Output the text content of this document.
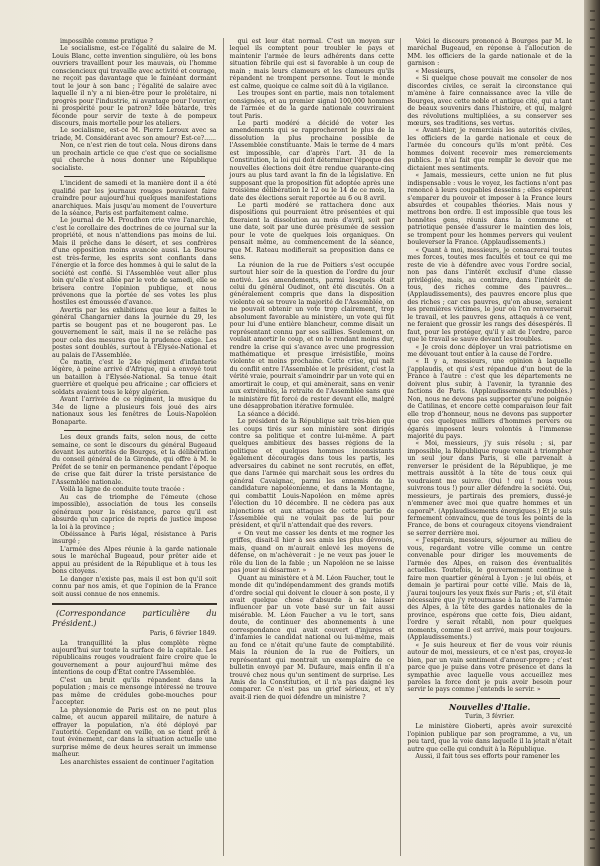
impossible comme pratique ?

Le socialisme, est-ce l'égalité du salaire de M. Louis Blanc, cette invention singulière, où les bons ouvriers travaillent pour les mauvais, où l'homme consciencieux qui travaille avec activité et courage, ne reçoit pas davantage que le fainéant dormant tout le jour à son banc ; l'égalité de salaire avec laquelle il n'y a ni bien-être pour le prolétaire, ni progrès pour l'industrie, ni avantage pour l'ouvrier, ni prospérité pour le patron? Idée bâtarde, très féconde pour servir de texte à de pompeux discours, mais mortelle pour les ateliers.

Le socialisme, est-ce M. Pierre Leroux avec sa triade, M. Considérant avec son amour? Est-ce?......

Non, ce n'est rien de tout cela. Nous dirons dans un prochain article ce que c'est que ce socialisme qui cherche à nous donner une République socialiste.

L'incident de samedi et la manière dont il a été qualifié par les journaux rouges pouvaient faire craindre pour aujourd'hui quelques manifestations anarchiques. Mais jusqu'au moment de l'ouverture de la séance, Paris est parfaitement calme.

Le journal de M. Proudhon crie vive l'anarchie, c'est le corollaire des doctrines de ce journal sur la propriété, et nous n'attendions pas moins de lui. Mais il prêche dans le désert, et ses confrères d'une opposition moins avancée aussi. La Bourse est très-ferme, les esprits sont confiants dans l'énergie et la force des hommes à qui le salut de la société est confié. Si l'Assemblée veut aller plus loin qu'elle n'est allée par le vote de samedi, elle se brisera contre l'opinion publique, et nous prévenons que la portée de ses votes les plus hostiles est émoussée d'avance.

Avertis par les exhibitions que leur a faites le général Changarnier dans la journée du 29, les partis se bougent pas et ne bougeront pas. Le gouvernement le sait, mais il ne se relâche pas pour cela des mesures que la prudence exige. Les postes sont doublés, surtout à l'Élysée-National et au palais de l'Assemblée.

Ce matin, c'est le 24e régiment d'infanterie légère, à peine arrivé d'Afrique, qui a envoyé tout un bataillon à l'Élysée-National. Sa tenue était guerrière et quelque peu africaine ; car officiers et soldats avaient tous le képy algérien.

Avant l'arrivée de ce régiment, la musique du 34e de ligne a plusieurs fois joué des airs nationaux sous les fenêtres de Louis-Napoléon Bonaparte.

Les deux grands faits, selon nous, de cette semaine, ce sont le discours du général Bugeaud devant les autorités de Bourges, et la délibération du conseil général de la Gironde, qui offre à M. le Préfet de se tenir en permanence pendant l'époque de crise que fait durer la triste persistance de l'Assemblée nationale.

Voilà la ligne de conduite toute tracée :

Au cas de triomphe de l'émeute (chose impossible), association de tous les conseils généraux pour la résistance, parce qu'il est absurde qu'un caprice de repris de justice impose la loi à la province ;

Obéissance à Paris légal, résistance à Paris insurgé ;

L'armée des Alpes réunie à la garde nationale sous le maréchal Bugeaud, pour prêter aide et appui au président de la République et à tous les bons citoyens.

Le danger n'existe pas, mais il est bon qu'il soit connu par nos amis, et que l'opinion de la France soit aussi connue de nos ennemis.

(Correspondance particulière du Président.)
Paris, 6 février 1849.

La tranquillité la plus complète règne aujourd'hui sur toute la surface de la capitale. Les républicains rouges voudraient faire croire que le gouvernement a pour aujourd'hui même des intentions de coup d'État contre l'Assemblée.

C'est un bruit qu'ils répandent dans la population ; mais ce mensonge intéressé ne trouve pas même de crédules gobe-mouches pour l'accepter.

La physionomie de Paris est on ne peut plus calme, et aucun appareil militaire, de nature à effrayer la population, n'a été déployé par l'autorité. Cependant on veille, on se tient prêt à tout événement, car dans la situation actuelle une surprise même de deux heures serait un immense malheur.

Les anarchistes essaient de continuer l'agitation

qui est leur état normal. C'est un moyen sur lequel ils comptent pour troubler le pays et maintenir l'armée de leurs adhérents dans cette situation fébrile qui est si favorable à un coup de main ; mais leurs clameurs et les clameurs qu'ils répandent ne trompent personne. Tout le monde est calme, quoique ce calme soit dû à la vigilance.

Les troupes sont en partie, mais non totalement consignées, et au premier signal 100,000 hommes de l'armée et de la garde nationale couvriraient tout Paris.

Le parti modéré a décidé de voter les amendements qui se rapprocheront le plus de la dissolution la plus prochaine possible de l'Assemblée constituante. Mais le terme de 4 mars est impossible, car d'après l'art. 31 de la Constitution, la loi qui doit déterminer l'époque des nouvelles élections doit être rendue quarante-cinq jours au plus tard avant la fin de la législative. En supposant que la proposition fût adoptée après une troisième délibération le 12 ou le 14 de ce mois, la date des élections serait reportée au 6 ou 8 avril.

Le parti modéré se rattachera donc aux dispositions qui pourraient être présentées et qui fixeraient la dissolution au mois d'avril, soit par une date, soit par une durée présumée de session pour le vote de quelques lois organiques. On pensait même, au commencement de la séance, que M. Rateau modifierait sa proposition dans ce sens.

La réunion de la rue de Poitiers s'est occupée surtout hier soir de la question de l'ordre du jour motivé. Les amendements, parmi lesquels était celui du général Oudinot, ont été discutés. On a généralement compris que dans la disposition violente où se trouve la majorité de l'Assemblée, on ne pouvait obtenir un vote trop clairement, trop absolument favorable au ministère, un vote qui fût pour lui d'une entière blancheur, comme disait un représentant connu par ses saillies. Seulement, on voulait amortir le coup, et on le rendant moins dur, rendre la crise qui s'avance avec une progression mathématique et presque irrésistible, moins violente et moins prochaine. Cette crise, qui naît du conflit entre l'Assemblée et le président, c'est la vérité vraie, pourrait s'amoindrir par un vote qui en amortirait le coup, et qui amènerait, sans en venir aux extrémités, la retraite de l'Assemblée sans que le ministère fût forcé de rester devant elle, malgré une désapprobation itérative formulée.

La séance a décidé.

Le président de la République sait très-bien que les coups tirés sur son ministère sont dirigés contre sa politique et contre lui-même. A part quelques ambitieux des basses régions de la politique et quelques hommes inconsistants également découragés dans tous les partis, les adversaires du cabinet ne sont recrutés, en effet, que dans l'armée qui marchait sous les ordres du général Cavaignac, parmi les ennemis de la candidature napoléonienne, et dans la Montagne, qui combattit Louis-Napoléon en même après l'élection du 10 décembre. Il ne cèdera pas aux injonctions et aux attaques de cette partie de l'Assemblée qui ne voulait pas de lui pour président, et qu'il n'attendait que des revers.

« On veut me casser les dents et me rogner les griffes, disait-il hier à ses amis les plus dévoués, mais, quand on m'aurait enlevé les moyens de défense, on m'achèverait : je ne veux pas jouer le rôle du lion de la fable ; un Napoléon ne se laisse pas jouer ni désarmer. »

Quant au ministère et à M. Léon Faucher, tout le monde dit qu'indépendamment des grands motifs d'ordre social qui doivent le clouer à son poste, il y avait quelque chose d'absurde à se laisser influencer par un vote basé sur un fait aussi misérable. M. Léon Faucher a vu le tort, sans doute, de continuer des abonnements à une correspondance qui avait couvert d'injures et d'infamies le candidat national ou lui-même, mais au fond ce n'était qu'une faute de comptabilité. Mais la réunion de la rue de Poitiers, un représentant qui montrait un exemplaire de ce bulletin envoyé par M. Dufaure, mais enfin il n'a trouvé chez nous qu'un sentiment de surprise. Les Amis de la Constitution, et il n'a pas daigné les comparer. Ce n'est pas un grief sérieux, et n'y avait-il rien de quoi défendre un ministre ?

Voici le discours prononcé à Bourges par M. le maréchal Bugeaud, en réponse à l'allocution de MM. les officiers de la garde nationale et de la garnison :

« Messieurs,

« Si quelque chose pouvait me consoler de nos discordes civiles, ce serait la circonstance qui m'amène à faire connaissance avec la ville de Bourges, avec cette noble et antique cité, qui a tant de beaux souvenirs dans l'histoire, et qui, malgré des révolutions multipliées, a su conserver ses mœurs, ses traditions, ses vertus.

« Avant-hier, je remerciais les autorités civiles, les officiers de la garde nationale et ceux de l'armée du concours qu'ils m'ont prêté. Ces hommes doivent recevoir mes remerciements publics. Je n'ai fait que remplir le devoir que me dictaient mes sentiments.

« Jamais, messieurs, cette union ne fut plus indispensable : vous le voyez, les factions n'ont pas renoncé à leurs coupables desseins ; elles espèrent s'emparer du pouvoir et imposer à la France leurs absurdes et coupables théories. Mais nous y mettrons bon ordre. Il est impossible que tous les honnêtes gens, réunis dans la commune et patriotique pensée d'assurer le maintien des lois, se trompent pour les hommes pervers qui veulent bouleverser la France. (Applaudissements.)

« Quant à moi, messieurs, je consacrerai toutes mes forces, toutes mes facultés et tout ce qui me reste de vie à défendre avec vous l'ordre social, non pas dans l'intérêt exclusif d'une classe privilégiée, mais, au contraire, dans l'intérêt de tous, des riches comme des pauvres... (Applaudissements), des pauvres encore plus que des riches ; car ces pauvres, qu'on abuse, seraient les premières victimes, le jour où l'on renverserait le travail, et les pauvres gens, attaqués à ce vent, ne feraient que grossir les rangs des désespérés. Il faut, pour les protéger, qu'il y ait de l'ordre, parce que le travail se sauve devant les troubles.

« Je crois donc déployer un vrai patriotisme en me dévouant tout entier à la cause de l'ordre.

« Il y a, messieurs, une opinion à laquelle j'applaudis, et qui s'est répandue d'un bout de la France à l'autre : c'est que les départements ne doivent plus subir, à l'avenir, la tyrannie des factions de Paris. (Applaudissements redoublés.) Non, nous ne devons pas supporter qu'une poignée de Catilinas, et encore cette comparaison leur fait elle trop d'honneur, nous ne devons pas supporter que ces quelques milliers d'hommes pervers ou égarés imposent leurs volontés à l'immense majorité du pays.

« Moi, messieurs, j'y suis résolu ; si, par impossible, la République rouge venait à triompher un seul jour dans Paris, si elle parvenait à renverser le président de la République, je me mettrais aussitôt à la tête de tous ceux qui voudraient me suivre. (Oui ! oui ! nous vous suivrons tous !) pour aller défendre la société. Oui, messieurs, je partirais des premiers, dussé-je n'emmener avec moi que quatre hommes et un caporal*. (Applaudissements énergiques.) Et je suis fermement convaincu, que de tous les points de la France, de bons et courageux citoyens viendraient se serrer derrière moi.

« J'espérais, messieurs, séjourner au milieu de vous, regardant votre ville comme un centre convenable pour diriger les mouvements de l'armée des Alpes, en raison des éventualités actuelles. Toutefois, le gouvernement continue à faire mon quartier général à Lyon : je lui obéis, et demain je partirai pour cette ville. Mais de là, j'aurai toujours les yeux fixés sur Paris ; et, s'il était nécessaire que j'y retournasse à la tête de l'armée des Alpes, à la tête des gardes nationales de la province, espérons que cette fois, Dieu aidant, l'ordre y serait rétabli, non pour quelques moments, comme il est arrivé, mais pour toujours. (Applaudissements.)

« Je suis heureux et fier de vous voir réunis autour de moi, messieurs, et ce n'est pas, croyez-le bien, par un vain sentiment d'amour-propre ; c'est parce que je puise dans votre présence et dans la sympathie avec laquelle vous accueillez mes paroles la force dont je puis avoir besoin pour servir le pays comme j'entends le servir. »

Nouvelles d'Italie.
Turin, 3 février.

Le ministère Gioberti, après avoir surexcité l'opinion publique par son programme, a vu, un peu tard, que la voie dans laquelle il la jetait n'était autre que celle qui conduit à la République.

Aussi, il fait tous ses efforts pour ramener les
